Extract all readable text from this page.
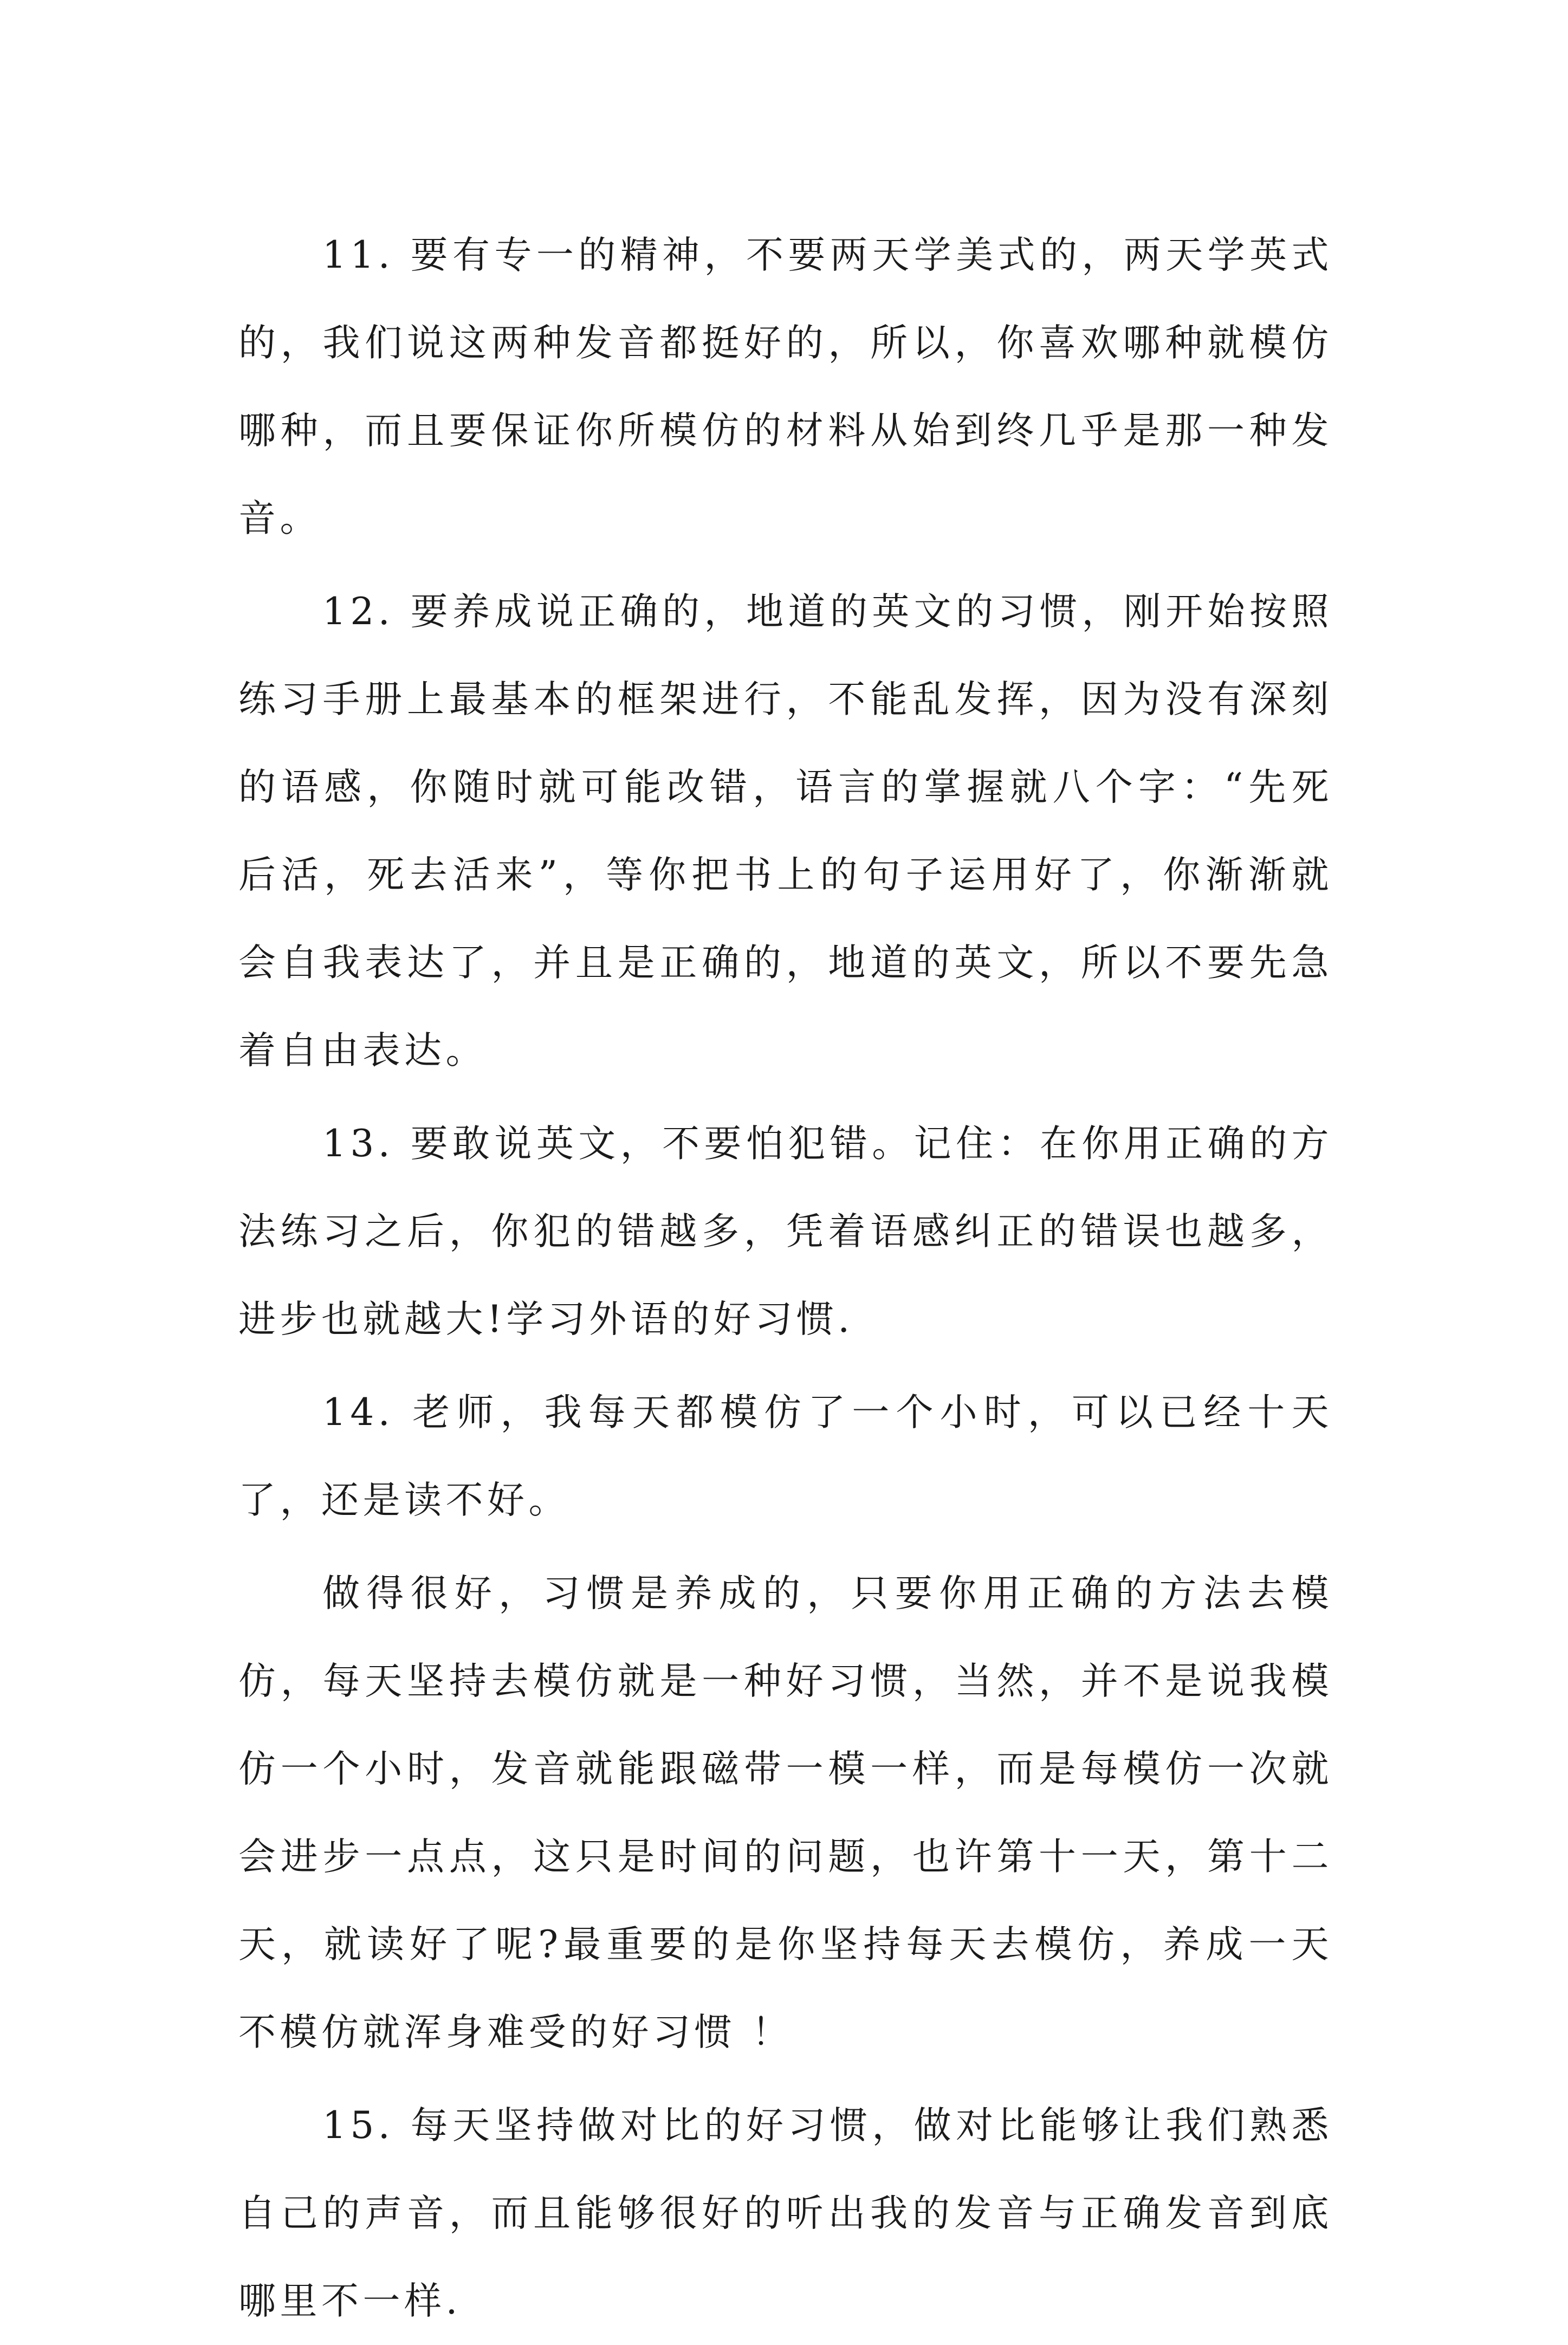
11. 要有专一的精神，不要两天学美式的，两天学英式的，我们说这两种发音都挺好的，所以，你喜欢哪种就模仿哪种，而且要保证你所模仿的材料从始到终几乎是那一种发音。

12. 要养成说正确的，地道的英文的习惯，刚开始按照练习手册上最基本的框架进行，不能乱发挥，因为没有深刻的语感，你随时就可能改错，语言的掌握就八个字：“先死后活，死去活来”，等你把书上的句子运用好了，你渐渐就会自我表达了，并且是正确的，地道的英文，所以不要先急着自由表达。

13. 要敢说英文，不要怕犯错。记住：在你用正确的方法练习之后，你犯的错越多，凭着语感纠正的错误也越多，进步也就越大!学习外语的好习惯.

14. 老师，我每天都模仿了一个小时，可以已经十天了，还是读不好。

做得很好，习惯是养成的，只要你用正确的方法去模仿，每天坚持去模仿就是一种好习惯，当然，并不是说我模仿一个小时，发音就能跟磁带一模一样，而是每模仿一次就会进步一点点，这只是时间的问题，也许第十一天，第十二天，就读好了呢?最重要的是你坚持每天去模仿，养成一天不模仿就浑身难受的好习惯 ！

15. 每天坚持做对比的好习惯，做对比能够让我们熟悉自己的声音，而且能够很好的听出我的发音与正确发音到底哪里不一样.
